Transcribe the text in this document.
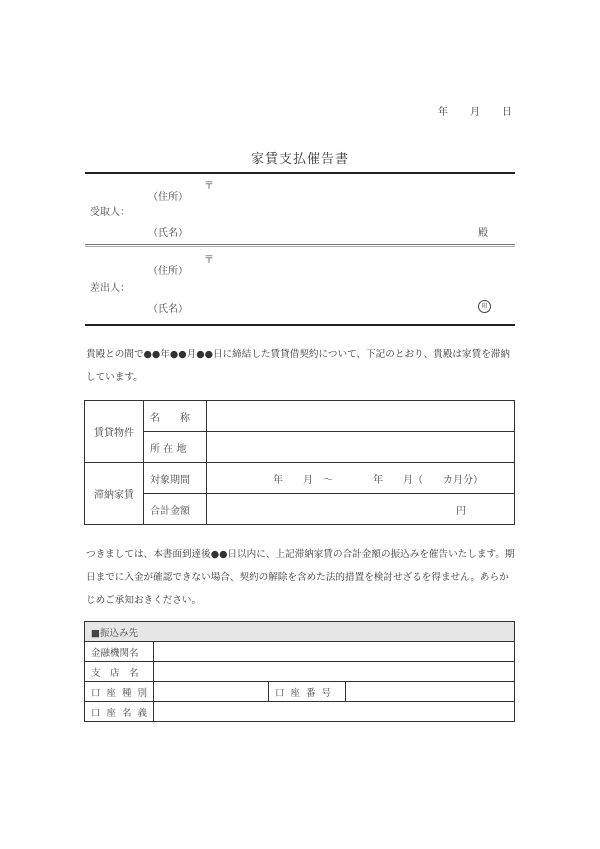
年 月 日
家賃支払催告書
〒
（住所）
受取人：
（氏名）	殿
〒
（住所）
差出人：
（氏名）	印
貴殿との間で●●年●●月●●日に締結した賃貸借契約について、下記のとおり、貴殿は家賃を滞納しています。
賃貸物件	名　　称	
	所 在 地	
滞納家賃	対象期間	年　　月　～　　　　年　　月（　　カ月分）
	合計金額	円
つきましては、本書面到達後●●日以内に、上記滞納家賃の合計金額の振込みを催告いたします。期日までに入金が確認できない場合、契約の解除を含めた法的措置を検討せざるを得ません。あらかじめご承知おきください。
■振込み先			
金融機関名			
支　店　名			
口座種別		口座番号	
口座名義			
